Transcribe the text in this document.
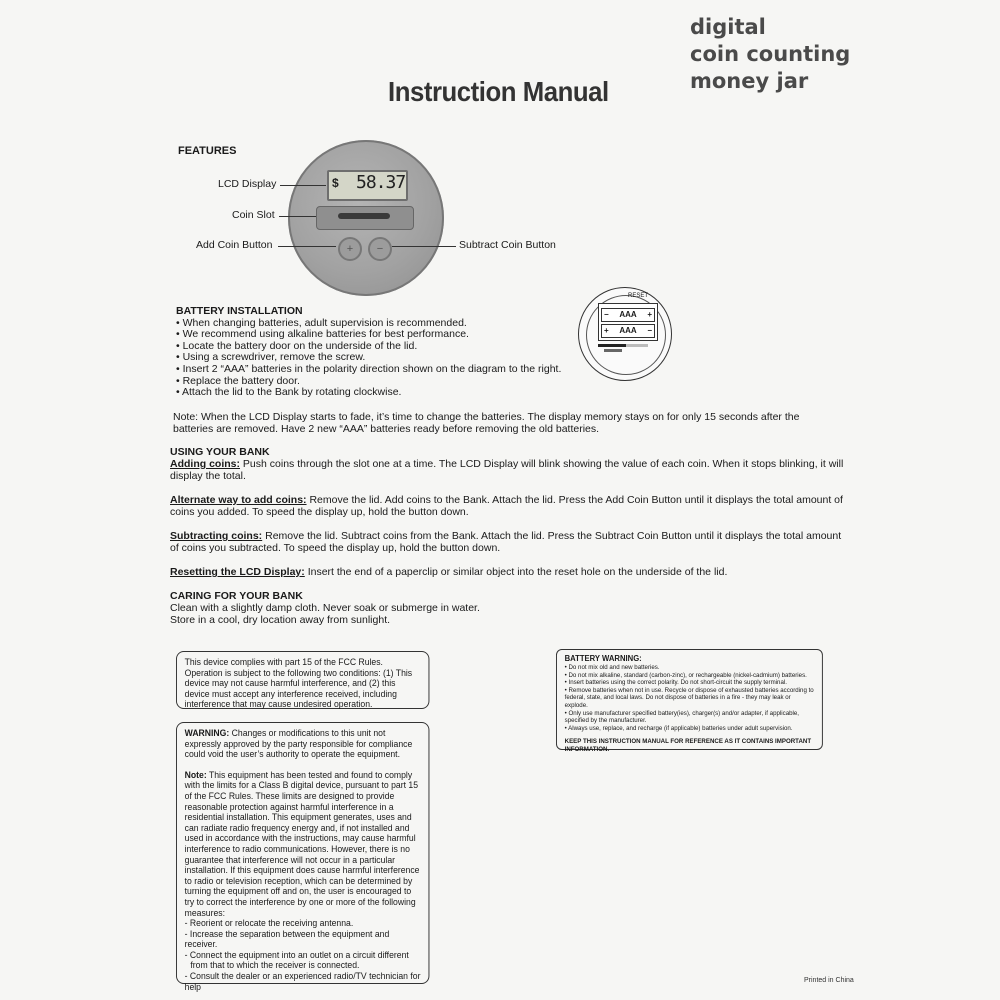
digital
coin counting
money jar
Instruction Manual
FEATURES
$ 58.37
+	−
LCD Display
Coin Slot
Add Coin Button	Subtract Coin Button
RESET
− AAA +
+ AAA −
BATTERY INSTALLATION
• When changing batteries, adult supervision is recommended.
• We recommend using alkaline batteries for best performance.
• Locate the battery door on the underside of the lid.
• Using a screwdriver, remove the screw.
• Insert 2 “AAA” batteries in the polarity direction shown on the diagram to the right.
• Replace the battery door.
• Attach the lid to the Bank by rotating clockwise.
Note: When the LCD Display starts to fade, it’s time to change the batteries. The display memory stays on for only 15 seconds after the batteries are removed. Have 2 new “AAA” batteries ready before removing the old batteries.
USING YOUR BANK
Adding coins: Push coins through the slot one at a time. The LCD Display will blink showing the value of each coin. When it stops blinking, it will display the total.
Alternate way to add coins: Remove the lid. Add coins to the Bank. Attach the lid. Press the Add Coin Button until it displays the total amount of coins you added. To speed the display up, hold the button down.
Subtracting coins: Remove the lid. Subtract coins from the Bank. Attach the lid. Press the Subtract Coin Button until it displays the total amount of coins you subtracted. To speed the display up, hold the button down.
Resetting the LCD Display: Insert the end of a paperclip or similar object into the reset hole on the underside of the lid.
CARING FOR YOUR BANK
Clean with a slightly damp cloth. Never soak or submerge in water.
Store in a cool, dry location away from sunlight.
This device complies with part 15 of the FCC Rules. Operation is subject to the following two conditions: (1) This device may not cause harmful interference, and (2) this device must accept any interference received, including interference that may cause undesired operation.
WARNING: Changes or modifications to this unit not expressly approved by the party responsible for compliance could void the user’s authority to operate the equipment.
Note: This equipment has been tested and found to comply with the limits for a Class B digital device, pursuant to part 15 of the FCC Rules. These limits are designed to provide reasonable protection against harmful interference in a residential installation. This equipment generates, uses and can radiate radio frequency energy and, if not installed and used in accordance with the instructions, may cause harmful interference to radio communications. However, there is no guarantee that interference will not occur in a particular installation. If this equipment does cause harmful interference to radio or television reception, which can be determined by turning the equipment off and on, the user is encouraged to try to correct the interference by one or more of the following measures:
- Reorient or relocate the receiving antenna.
- Increase the separation between the equipment and receiver.
- Connect the equipment into an outlet on a circuit different from that to which the receiver is connected.
- Consult the dealer or an experienced radio/TV technician for help
BATTERY WARNING:
• Do not mix old and new batteries.
• Do not mix alkaline, standard (carbon-zinc), or rechargeable (nickel-cadmium) batteries.
• Insert batteries using the correct polarity. Do not short-circuit the supply terminal.
• Remove batteries when not in use. Recycle or dispose of exhausted batteries according to federal, state, and local laws. Do not dispose of batteries in a fire - they may leak or explode.
• Only use manufacturer specified battery(ies), charger(s) and/or adapter, if applicable, specified by the manufacturer.
• Always use, replace, and recharge (if applicable) batteries under adult supervision.
KEEP THIS INSTRUCTION MANUAL FOR REFERENCE AS IT CONTAINS IMPORTANT INFORMATION.
Printed in China
